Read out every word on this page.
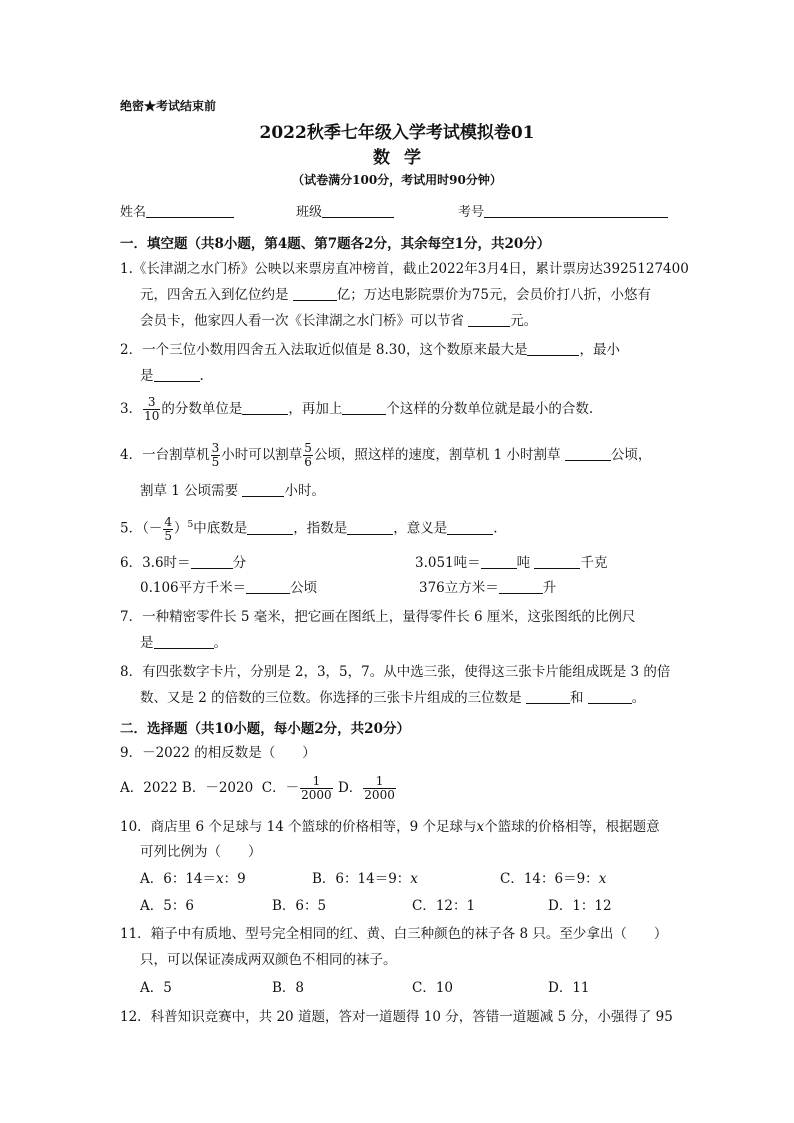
绝密★考试结束前
2022秋季七年级入学考试模拟卷01
数学
（试卷满分100分，考试用时90分钟）
姓名	班级	考号
一．填空题（共8小题，第4题、第7题各2分，其余每空1分，共20分）
1.《长津湖之水门桥》公映以来票房直冲榜首，截止2022年3月4日，累计票房达3925127400
元，四舍五入到亿位约是	亿；万达电影院票价为75元，会员价打八折，小悠有
会员卡，他家四人看一次《长津湖之水门桥》可以节省	元。
2．一个三位小数用四舍五入法取近似值是 8.30，这个数原来最大是	，最小
是	.
3． $\frac{3}{10}$ 的分数单位是	，再加上	个这样的分数单位就是最小的合数.
4．一台割草机 $\frac{3}{5}$ 小时可以割草 $\frac{5}{6}$ 公顷，照这样的速度，割草机 1 小时割草	公顷，
割草 1 公顷需要	小时。
5．（－ $\frac{4}{5} )^5$中底数是	，指数是	，意义是	.
6．3.6时＝	分	3.051吨＝	吨	千克
0.106平方千米＝	公顷	376立方米＝	升
7．一种精密零件长 5 毫米，把它画在图纸上，量得零件长 6 厘米，这张图纸的比例尺
是	。
8．有四张数字卡片，分别是 2，3，5，7。从中选三张，使得这三张卡片能组成既是 3 的倍
数、又是 2 的倍数的三位数。你选择的三张卡片组成的三位数是	和	。
二．选择题（共10小题，每小题2分，共20分）
9．－2022 的相反数是（　　）
A．2022 B．－2020 C．－ $\frac{1}{2000}$ D． $\frac{1}{2000}$
10．商店里 6 个足球与 14 个篮球的价格相等，9 个足球与x个篮球的价格相等，根据题意
可列比例为（　　）
A．6：14＝x：9	B．6：14＝9：x	C．14：6＝9：x
A．5：6	B．6：5	C．12：1	D．1：12
11．箱子中有质地、型号完全相同的红、黄、白三种颜色的袜子各 8 只。至少拿出（　　）
只，可以保证凑成两双颜色不相同的袜子。
A．5	B．8	C．10	D．11
12．科普知识竞赛中，共 20 道题，答对一道题得 10 分，答错一道题减 5 分，小强得了 95
